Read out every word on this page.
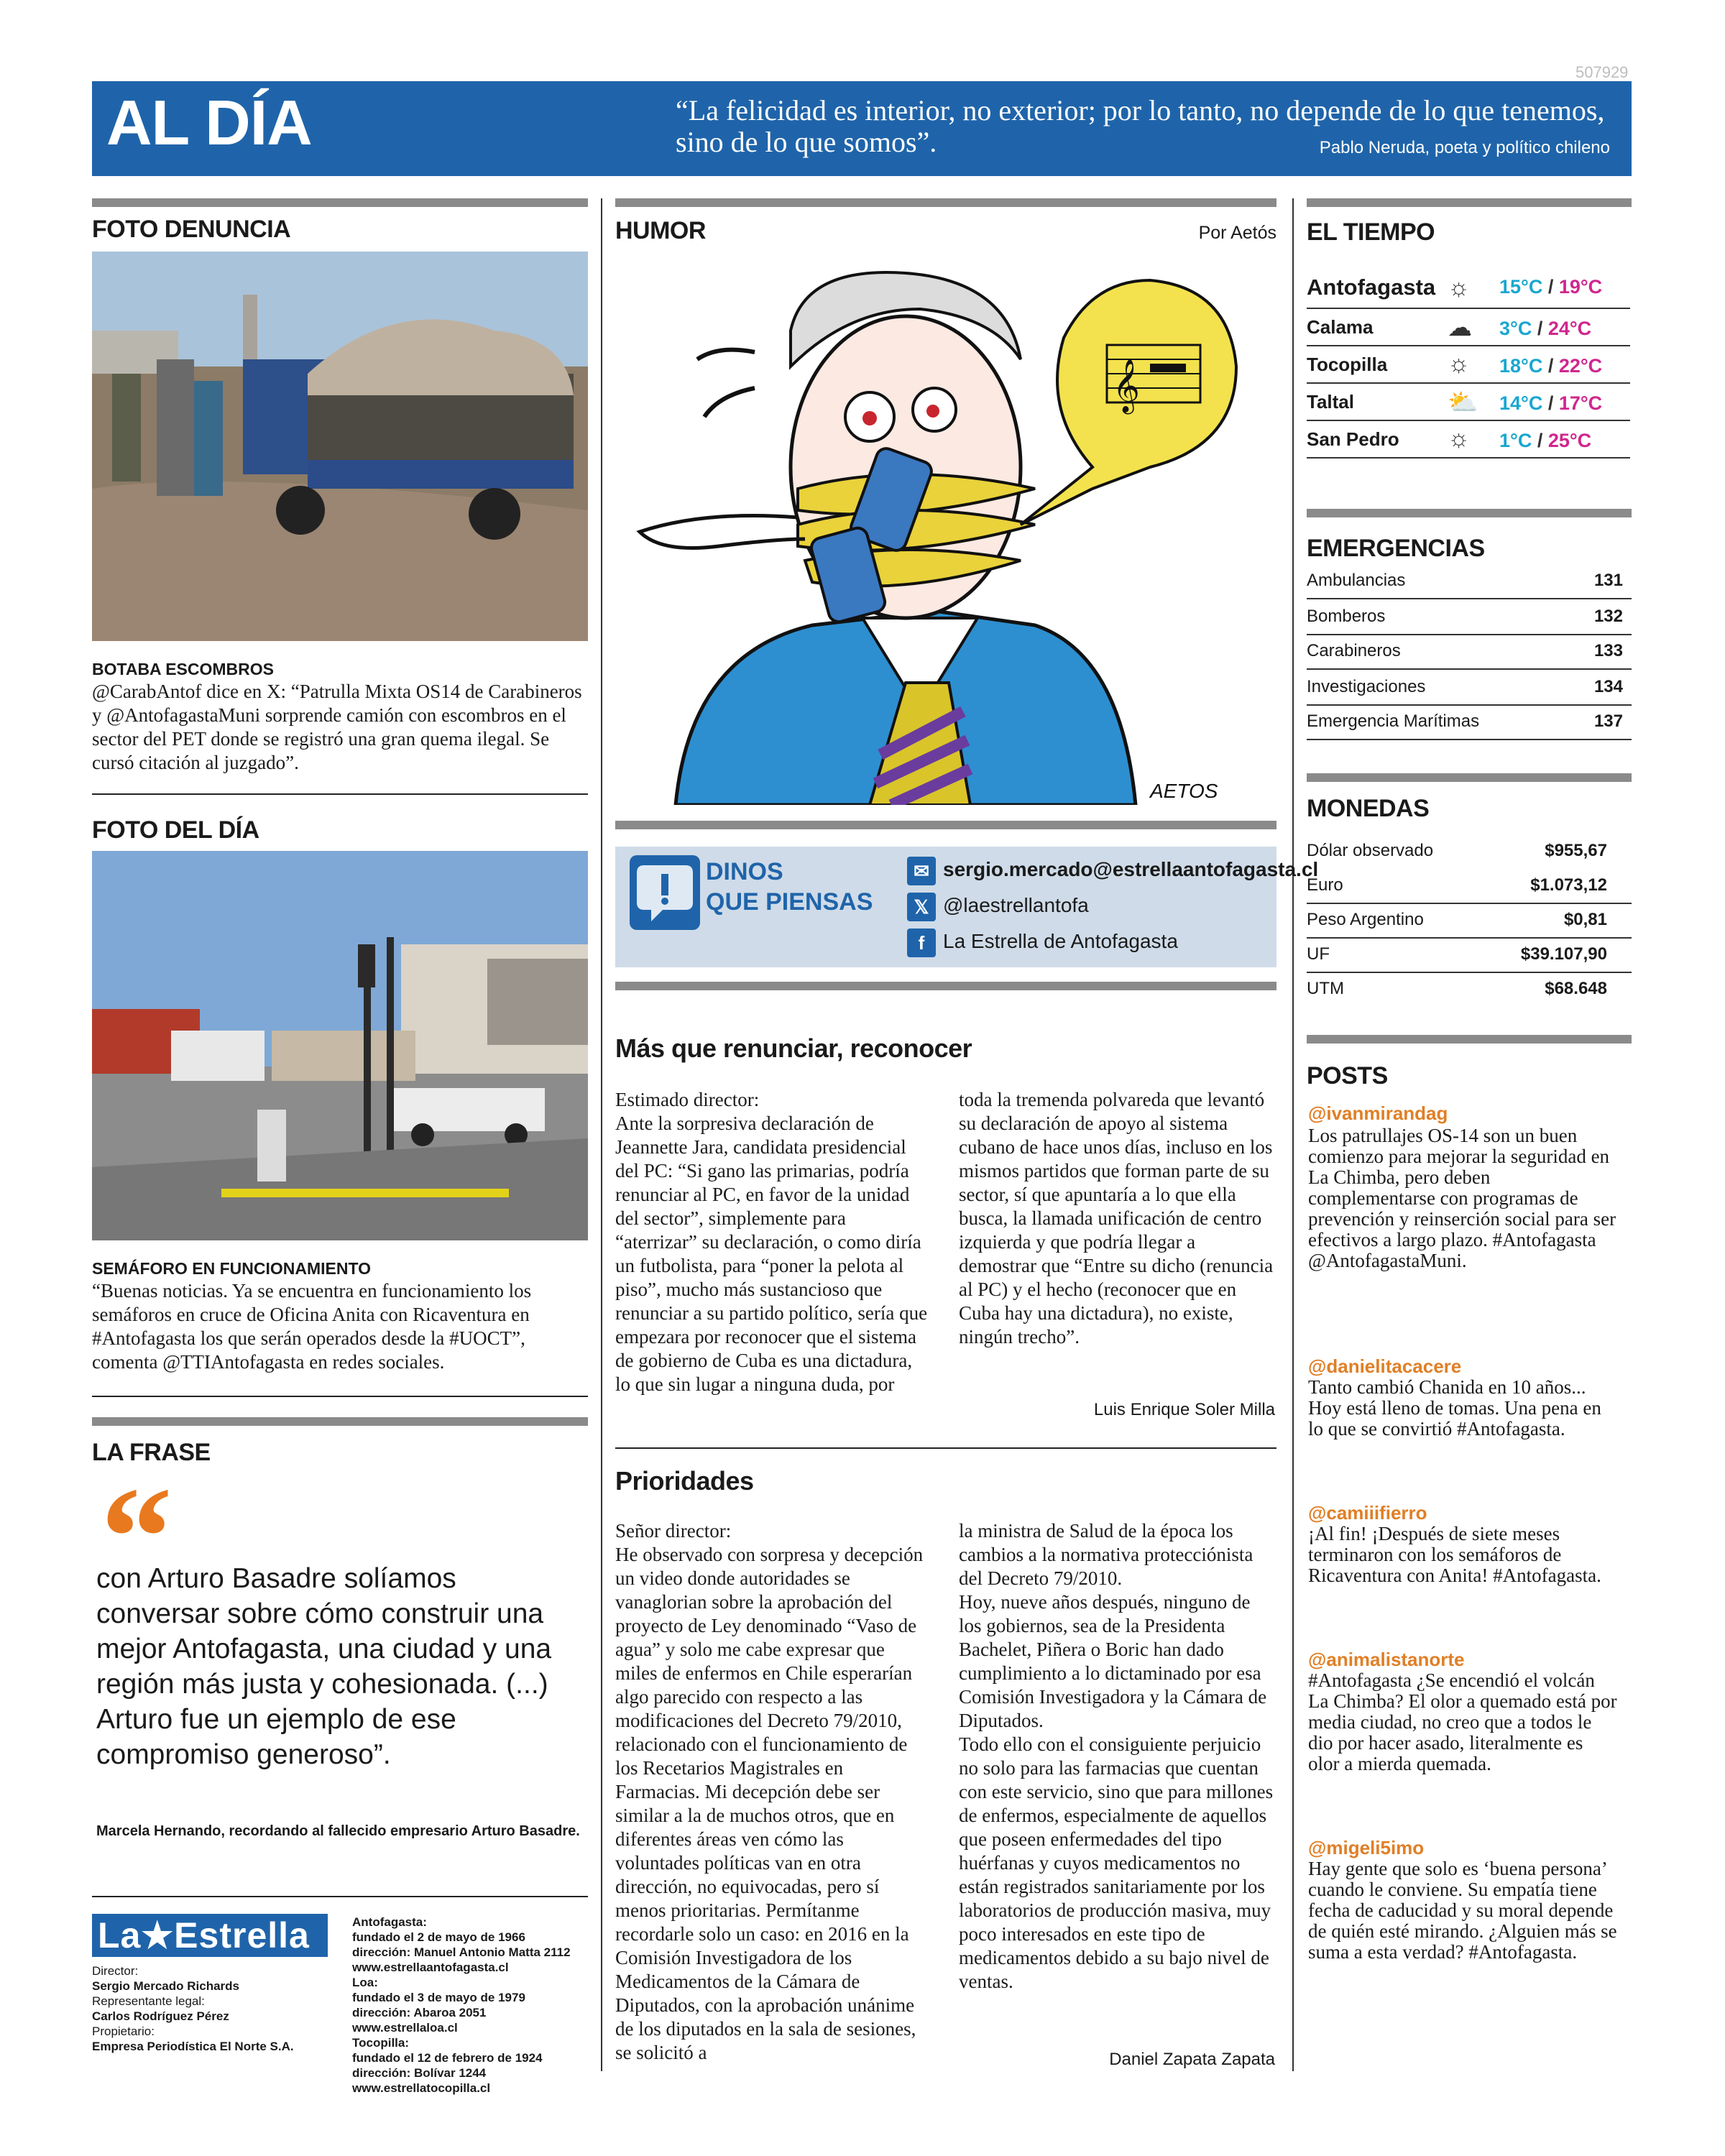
507929
AL DÍA	“La felicidad es interior, no exterior; por lo tanto, no depende de lo que tenemos, sino de lo que somos”.	Pablo Neruda, poeta y político chileno
FOTO DENUNCIA
BOTABA ESCOMBROS
@CarabAntof dice en X: “Patrulla Mixta OS14 de Carabineros y @AntofagastaMuni sorprende camión con escombros en el sector del PET donde se registró una gran quema ilegal. Se cursó citación al juzgado”.
FOTO DEL DÍA
SEMÁFORO EN FUNCIONAMIENTO
“Buenas noticias. Ya se encuentra en funcionamiento los semáforos en cruce de Oficina Anita con Ricaventura en #Antofagasta los que serán operados desde la #UOCT”, comenta @TTIAntofagasta en redes sociales.
LA FRASE
“
con Arturo Basadre solíamos conversar sobre cómo construir una mejor Antofagasta, una ciudad y una región más justa y cohesionada. (...) Arturo fue un ejemplo de ese compromiso generoso”.
Marcela Hernando, recordando al fallecido empresario Arturo Basadre.
La★Estrella
Director:
Sergio Mercado Richards
Representante legal:
Carlos Rodríguez Pérez
Propietario:
Empresa Periodística El Norte S.A.
Antofagasta:
fundado el 2 de mayo de 1966
dirección: Manuel Antonio Matta 2112
www.estrellaantofagasta.cl
Loa:
fundado el 3 de mayo de 1979
dirección: Abaroa 2051
www.estrellaloa.cl
Tocopilla:
fundado el 12 de febrero de 1924
dirección: Bolívar 1244
www.estrellatocopilla.cl
HUMOR	Por Aetós
𝄞
AETOS
DINOS
QUE PIENSAS
✉ sergio.mercado@estrellaantofagasta.cl
𝕏 @laestrellantofa
f La Estrella de Antofagasta
Más que renunciar, reconocer
Estimado director:
Ante la sorpresiva declaración de Jeannette Jara, candidata presidencial del PC: “Si gano las primarias, podría renunciar al PC, en favor de la unidad del sector”, simplemente para “aterrizar” su declaración, o como diría un futbolista, para “poner la pelota al piso”, mucho más sustancioso que renunciar a su partido político, sería que empezara por reconocer que el sistema de gobierno de Cuba es una dictadura, lo que sin lugar a ninguna duda, por
toda la tremenda polvareda que levantó su declaración de apoyo al sistema cubano de hace unos días, incluso en los mismos partidos que forman parte de su sector, sí que apuntaría a lo que ella busca, la llamada unificación de centro izquierda y que podría llegar a demostrar que “Entre su dicho (renuncia al PC) y el hecho (reconocer que en Cuba hay una dictadura), no existe, ningún trecho”.
Luis Enrique Soler Milla
Prioridades
Señor director:
He observado con sorpresa y decepción un video donde autoridades se vanaglorian sobre la aprobación del proyecto de Ley denominado “Vaso de agua” y solo me cabe expresar que miles de enfermos en Chile esperarían algo parecido con respecto a las modificaciones del Decreto 79/2010, relacionado con el funcionamiento de los Recetarios Magistrales en Farmacias. Mi decepción debe ser similar a la de muchos otros, que en diferentes áreas ven cómo las voluntades políticas van en otra dirección, no equivocadas, pero sí menos prioritarias. Permítanme recordarle solo un caso: en 2016 en la Comisión Investigadora de los Medicamentos de la Cámara de Diputados, con la aprobación unánime de los diputados en la sala de sesiones, se solicitó a
la ministra de Salud de la época los cambios a la normativa protecciónista del Decreto 79/2010.
Hoy, nueve años después, ninguno de los gobiernos, sea de la Presidenta Bachelet, Piñera o Boric han dado cumplimiento a lo dictaminado por esa Comisión Investigadora y la Cámara de Diputados.
Todo ello con el consiguiente perjuicio no solo para las farmacias que cuentan con este servicio, sino que para millones de enfermos, especialmente de aquellos que poseen enfermedades del tipo huérfanas y cuyos medicamentos no están registrados sanitariamente por los laboratorios de producción masiva, muy poco interesados en este tipo de medicamentos debido a su bajo nivel de ventas.
Daniel Zapata Zapata
EL TIEMPO
Antofagasta ☼ 15°C / 19°C
Calama	☁ 3°C / 24°C
Tocopilla ☼ 18°C / 22°C
Taltal	⛅ 14°C / 17°C
San Pedro ☼ 1°C / 25°C
EMERGENCIAS
Ambulancias	131
Bomberos	132
Carabineros	133
Investigaciones	134
Emergencia Marítimas	137
MONEDAS
Dólar observado	$955,67
Euro	$1.073,12
Peso Argentino	$0,81
UF	$39.107,90
UTM	$68.648
POSTS
@ivanmirandag
Los patrullajes OS-14 son un buen comienzo para mejorar la seguridad en La Chimba, pero deben complementarse con programas de prevención y reinserción social para ser efectivos a largo plazo. #Antofagasta @AntofagastaMuni.
@danielitacacere
Tanto cambió Chanida en 10 años... Hoy está lleno de tomas. Una pena en lo que se convirtió #Antofagasta.
@camiiifierro
¡Al fin! ¡Después de siete meses terminaron con los semáforos de Ricaventura con Anita! #Antofagasta.
@animalistanorte
#Antofagasta ¿Se encendió el volcán La Chimba? El olor a quemado está por media ciudad, no creo que a todos le dio por hacer asado, literalmente es olor a mierda quemada.
@migeli5imo
Hay gente que solo es ‘buena persona’ cuando le conviene. Su empatía tiene fecha de caducidad y su moral depende de quién esté mirando. ¿Alguien más se suma a esta verdad? #Antofagasta.
